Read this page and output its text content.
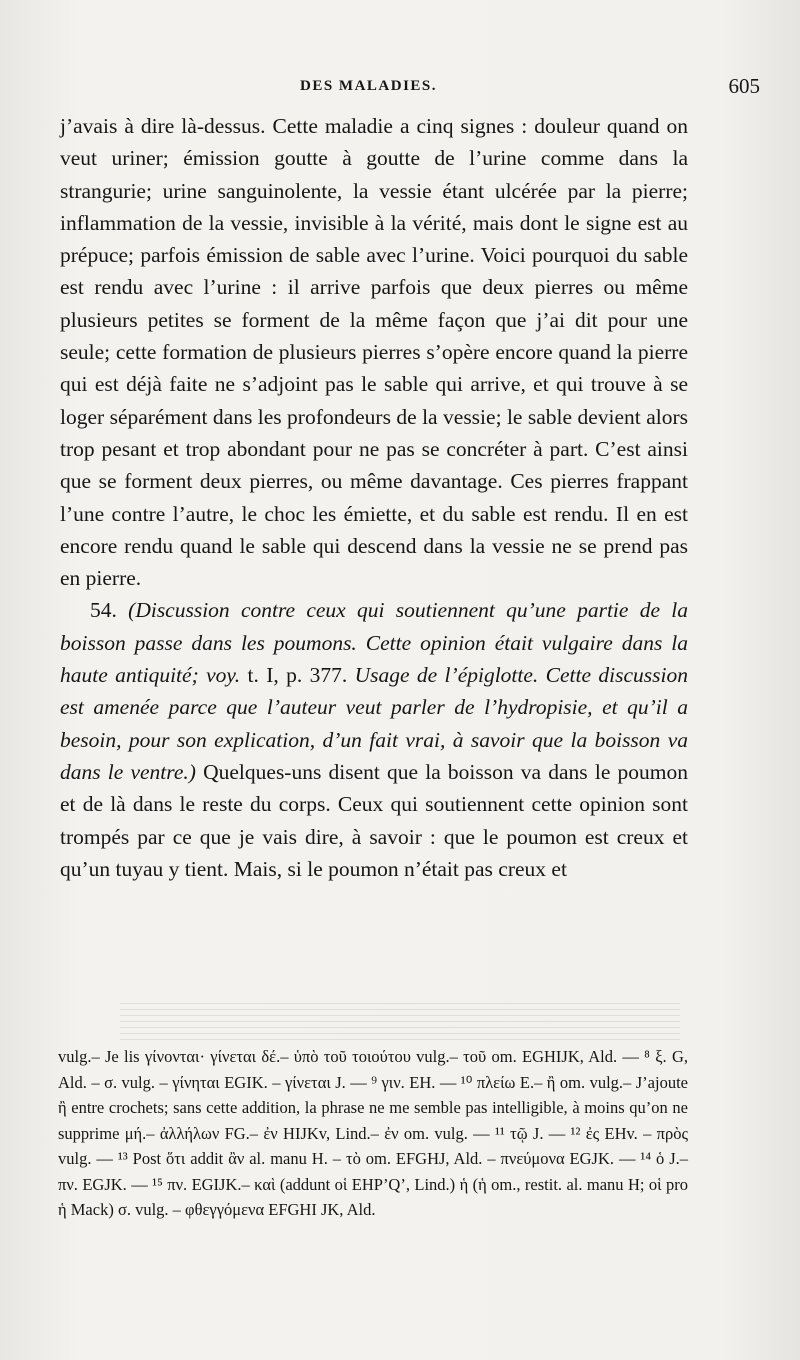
DES MALADIES.	605

j’avais à dire là-dessus. Cette maladie a cinq signes : douleur quand on veut uriner; émission goutte à goutte de l’urine comme dans la strangurie; urine sanguinolente, la vessie étant ulcérée par la pierre; inflammation de la vessie, invisible à la vérité, mais dont le signe est au prépuce; parfois émission de sable avec l’urine. Voici pourquoi du sable est rendu avec l’urine : il arrive parfois que deux pierres ou même plusieurs petites se forment de la même façon que j’ai dit pour une seule; cette formation de plusieurs pierres s’opère encore quand la pierre qui est déjà faite ne s’adjoint pas le sable qui arrive, et qui trouve à se loger séparément dans les profondeurs de la vessie; le sable devient alors trop pesant et trop abondant pour ne pas se concréter à part. C’est ainsi que se forment deux pierres, ou même davantage. Ces pierres frappant l’une contre l’autre, le choc les émiette, et du sable est rendu. Il en est encore rendu quand le sable qui descend dans la vessie ne se prend pas en pierre.

54. (Discussion contre ceux qui soutiennent qu’une partie de la boisson passe dans les poumons. Cette opinion était vulgaire dans la haute antiquité; voy. t. I, p. 377. Usage de l’épiglotte. Cette discussion est amenée parce que l’auteur veut parler de l’hydropisie, et qu’il a besoin, pour son explication, d’un fait vrai, à savoir que la boisson va dans le ventre.) Quelques-uns disent que la boisson va dans le poumon et de là dans le reste du corps. Ceux qui soutiennent cette opinion sont trompés par ce que je vais dire, à savoir : que le poumon est creux et qu’un tuyau y tient. Mais, si le poumon n’était pas creux et

vulg.– Je lis γίνονται· γίνεται δέ.– ὑπὸ τοῦ τοιούτου vulg.– τοῦ om. EGHIJK, Ald. — ⁸ ξ. G, Ald. – σ. vulg. – γίνηται EGIK. – γίνεται J. — ⁹ γιν. EH. — ¹⁰ πλείω E.– ἢ om. vulg.– J’ajoute ἢ entre crochets; sans cette addition, la phrase ne me semble pas intelligible, à moins qu’on ne supprime μή.– ἀλλήλων FG.– ἐν HIJKv, Lind.– ἐν om. vulg. — ¹¹ τῷ J. — ¹² ἐς EHv. – πρὸς vulg. — ¹³ Post ὅτι addit ἂν al. manu H. – τὸ om. EFGHJ, Ald. – πνεύμονα EGJK. — ¹⁴ ὁ J.– πν. EGJK. — ¹⁵ πν. EGIJK.– καὶ (addunt οἱ EHP’Q’, Lind.) ἡ (ἡ om., restit. al. manu H; οἱ pro ἡ Mack) σ. vulg. – φθεγγόμενα EFGHI JK, Ald.
